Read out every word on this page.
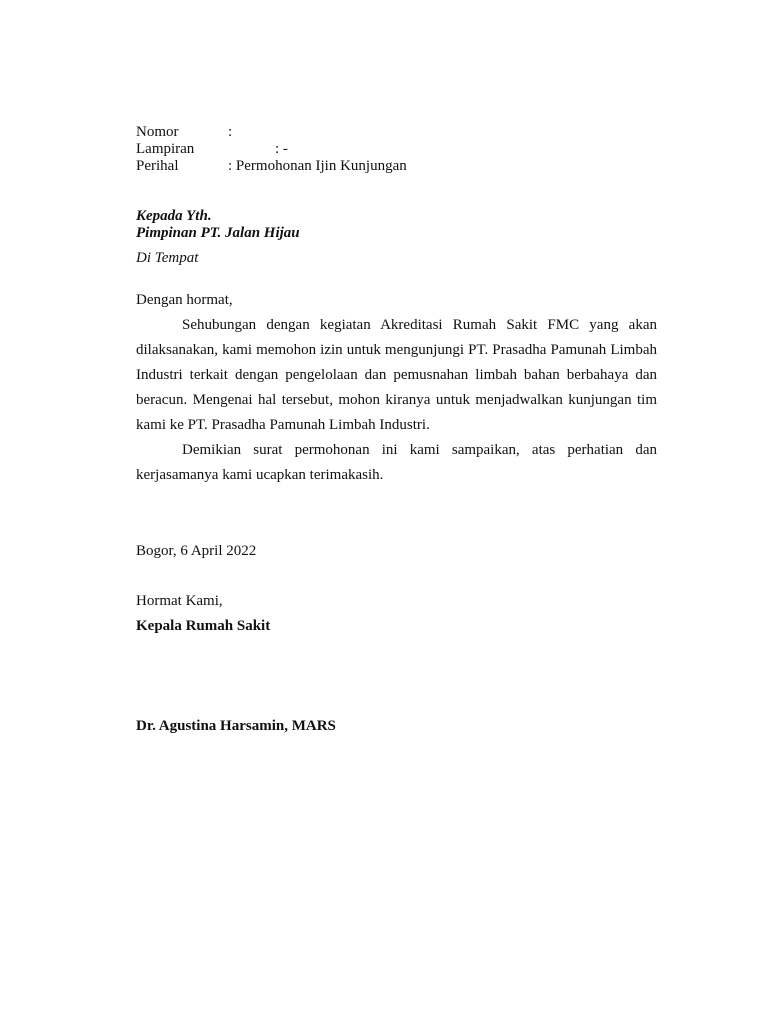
Nomor	:
Lampiran	: -
Perihal	: Permohonan Ijin Kunjungan
Kepada Yth.
Pimpinan PT. Jalan Hijau
Di Tempat
Dengan hormat,

Sehubungan dengan kegiatan Akreditasi Rumah Sakit FMC yang akan dilaksanakan, kami memohon izin untuk mengunjungi PT. Prasadha Pamunah Limbah Industri terkait dengan pengelolaan dan pemusnahan limbah bahan berbahaya dan beracun. Mengenai hal tersebut, mohon kiranya untuk menjadwalkan kunjungan tim kami ke PT. Prasadha Pamunah Limbah Industri.

Demikian surat permohonan ini kami sampaikan, atas perhatian dan kerjasamanya kami ucapkan terimakasih.

Bogor, 6 April 2022
Hormat Kami,
Kepala Rumah Sakit
Dr. Agustina Harsamin, MARS
